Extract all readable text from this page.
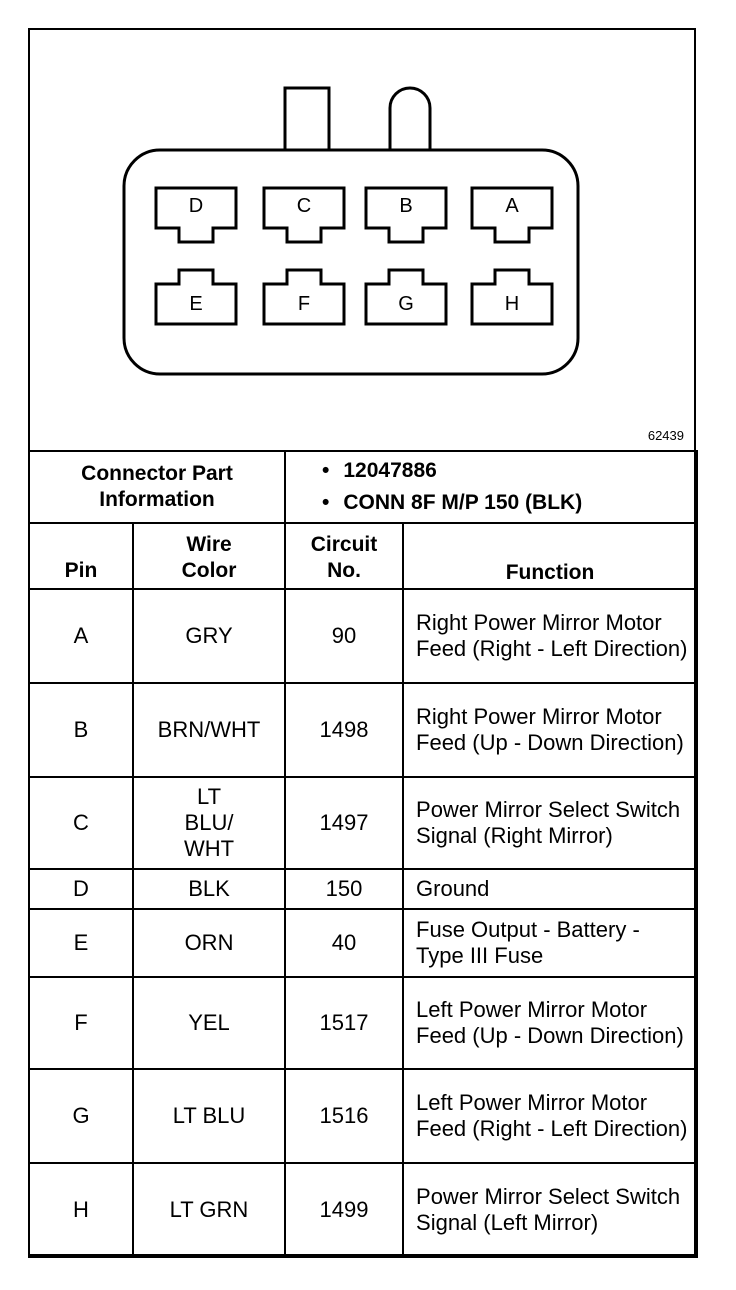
D	C	B	A
E	F	G	H
62439
Connector Part Information		• 12047886
• CONN 8F M/P 150 (BLK)

Pin	Wire Color	Circuit No.	Function
A	GRY	90	Right Power Mirror Motor Feed (Right - Left Direction)
B	BRN/WHT	1498	Right Power Mirror Motor Feed (Up - Down Direction)
C	LT BLU/ WHT	1497	Power Mirror Select Switch Signal (Right Mirror)
D	BLK	150	Ground
E	ORN	40	Fuse Output - Battery - Type III Fuse
F	YEL	1517	Left Power Mirror Motor Feed (Up - Down Direction)
G	LT BLU	1516	Left Power Mirror Motor Feed (Right - Left Direction)
H	LT GRN	1499	Power Mirror Select Switch Signal (Left Mirror)
